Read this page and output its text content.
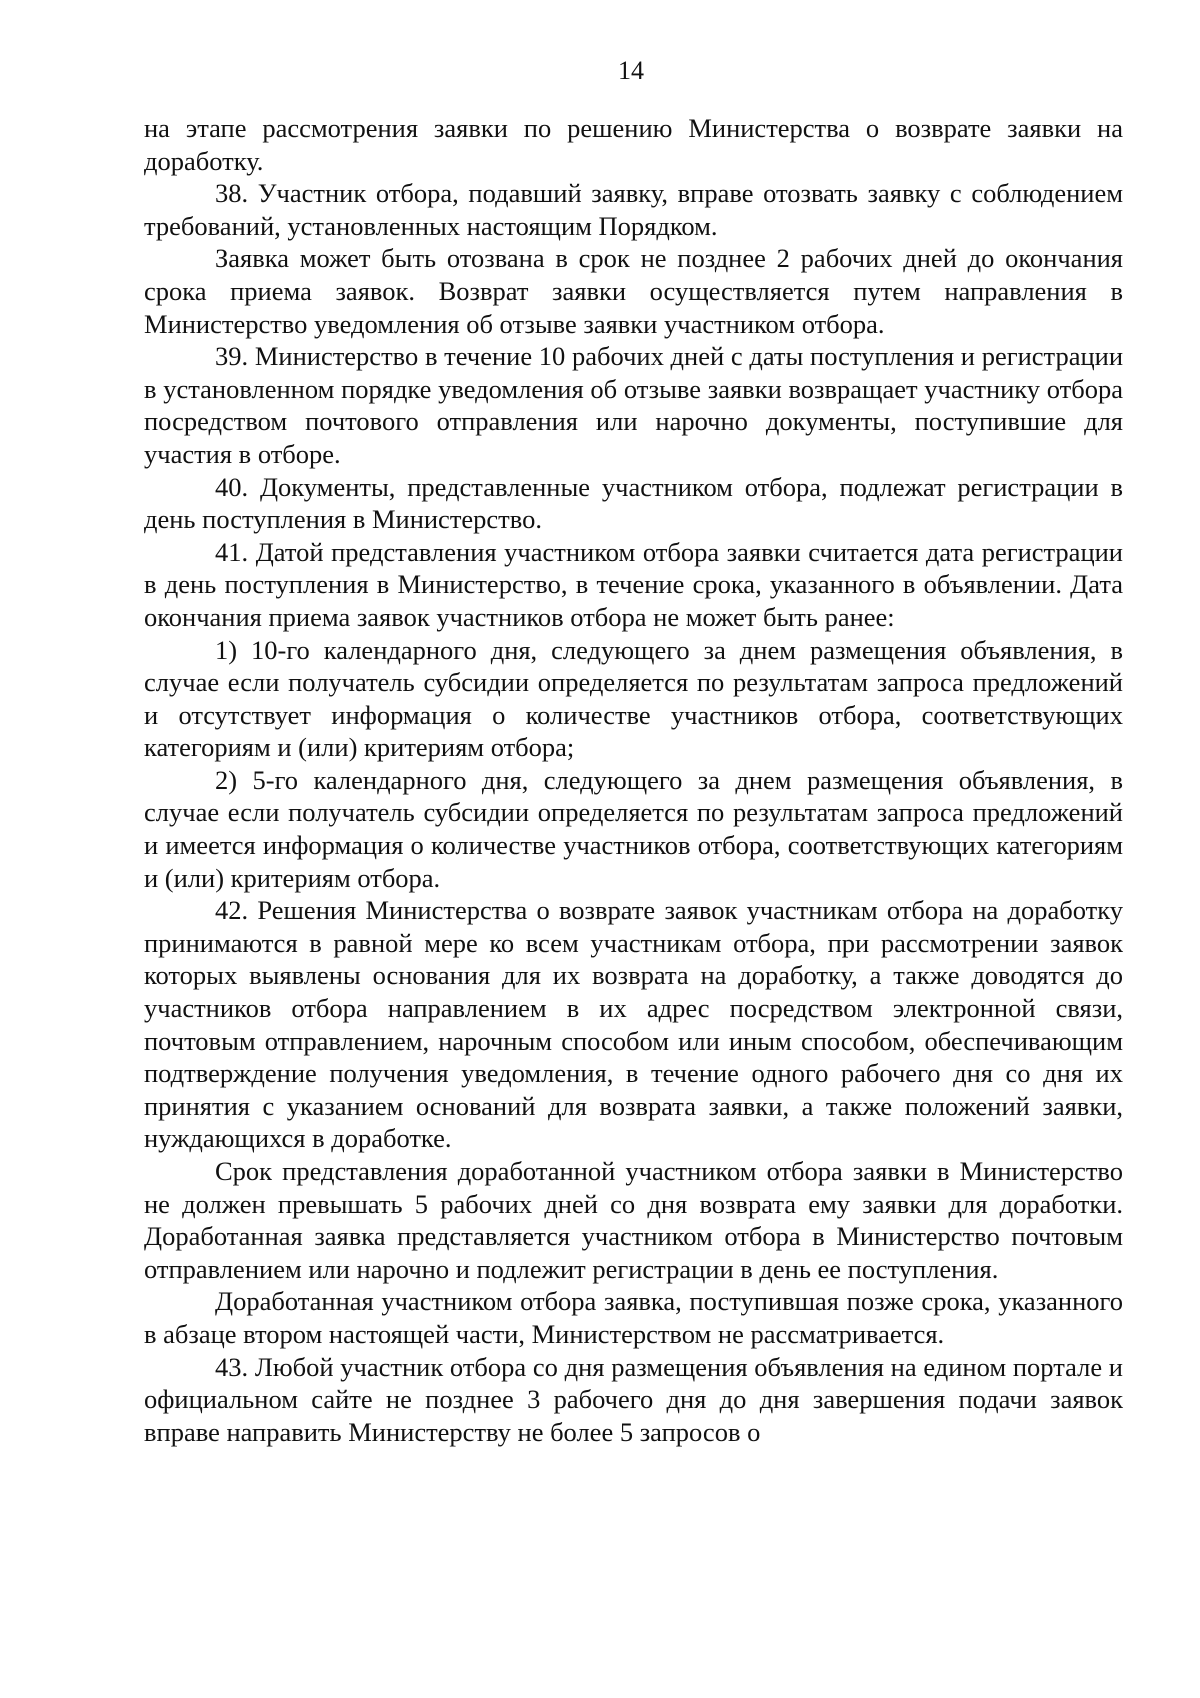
14

на этапе рассмотрения заявки по решению Министерства о возврате заявки на доработку.

38. Участник отбора, подавший заявку, вправе отозвать заявку с соблюдением требований, установленных настоящим Порядком.

Заявка может быть отозвана в срок не позднее 2 рабочих дней до окончания срока приема заявок. Возврат заявки осуществляется путем направления в Министерство уведомления об отзыве заявки участником отбора.

39. Министерство в течение 10 рабочих дней с даты поступления и регистрации в установленном порядке уведомления об отзыве заявки возвращает участнику отбора посредством почтового отправления или нарочно документы, поступившие для участия в отборе.

40. Документы, представленные участником отбора, подлежат регистрации в день поступления в Министерство.

41. Датой представления участником отбора заявки считается дата регистрации в день поступления в Министерство, в течение срока, указанного в объявлении. Дата окончания приема заявок участников отбора не может быть ранее:

1) 10-го календарного дня, следующего за днем размещения объявления, в случае если получатель субсидии определяется по результатам запроса предложений и отсутствует информация о количестве участников отбора, соответствующих категориям и (или) критериям отбора;

2) 5-го календарного дня, следующего за днем размещения объявления, в случае если получатель субсидии определяется по результатам запроса предложений и имеется информация о количестве участников отбора, соответствующих категориям и (или) критериям отбора.

42. Решения Министерства о возврате заявок участникам отбора на доработку принимаются в равной мере ко всем участникам отбора, при рассмотрении заявок которых выявлены основания для их возврата на доработку, а также доводятся до участников отбора направлением в их адрес посредством электронной связи, почтовым отправлением, нарочным способом или иным способом, обеспечивающим подтверждение получения уведомления, в течение одного рабочего дня со дня их принятия с указанием оснований для возврата заявки, а также положений заявки, нуждающихся в доработке.

Срок представления доработанной участником отбора заявки в Министерство не должен превышать 5 рабочих дней со дня возврата ему заявки для доработки. Доработанная заявка представляется участником отбора в Министерство почтовым отправлением или нарочно и подлежит регистрации в день ее поступления.

Доработанная участником отбора заявка, поступившая позже срока, указанного в абзаце втором настоящей части, Министерством не рассматривается.

43. Любой участник отбора со дня размещения объявления на едином портале и официальном сайте не позднее 3 рабочего дня до дня завершения подачи заявок вправе направить Министерству не более 5 запросов о
